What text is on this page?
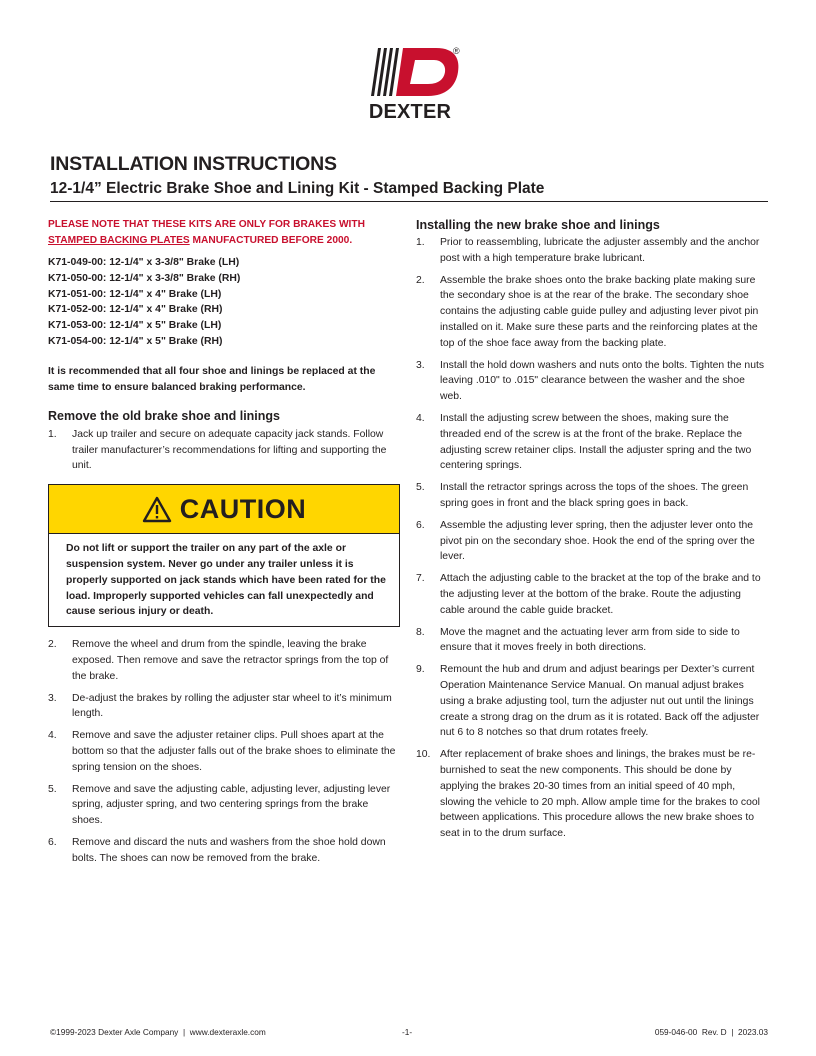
®
DEXTER
INSTALLATION INSTRUCTIONS
12-1/4” Electric Brake Shoe and Lining Kit - Stamped Backing Plate
PLEASE NOTE THAT THESE KITS ARE ONLY FOR BRAKES WITH
STAMPED BACKING PLATES MANUFACTURED BEFORE 2000.
K71-049-00: 12-1/4" x 3-3/8" Brake (LH)
K71-050-00: 12-1/4" x 3-3/8" Brake (RH)
K71-051-00: 12-1/4" x 4" Brake (LH)
K71-052-00: 12-1/4" x 4" Brake (RH)
K71-053-00: 12-1/4" x 5" Brake (LH)
K71-054-00: 12-1/4" x 5" Brake (RH)
It is recommended that all four shoe and linings be replaced at the same time to ensure balanced braking performance.
Remove the old brake shoe and linings
1. Jack up trailer and secure on adequate capacity jack stands. Follow trailer manufacturer’s recommendations for lifting and supporting the unit.
CAUTION
Do not lift or support the trailer on any part of the axle or suspension system. Never go under any trailer unless it is properly supported on jack stands which have been rated for the load. Improperly supported vehicles can fall unexpectedly and cause serious injury or death.
2. Remove the wheel and drum from the spindle, leaving the brake exposed. Then remove and save the retractor springs from the top of the brake.
3. De-adjust the brakes by rolling the adjuster star wheel to it’s minimum length.
4. Remove and save the adjuster retainer clips. Pull shoes apart at the bottom so that the adjuster falls out of the brake shoes to eliminate the spring tension on the shoes.
5. Remove and save the adjusting cable, adjusting lever, adjusting lever spring, adjuster spring, and two centering springs from the brake shoes.
6. Remove and discard the nuts and washers from the shoe hold down bolts. The shoes can now be removed from the brake.
Installing the new brake shoe and linings
1. Prior to reassembling, lubricate the adjuster assembly and the anchor post with a high temperature brake lubricant.
2. Assemble the brake shoes onto the brake backing plate making sure the secondary shoe is at the rear of the brake. The secondary shoe contains the adjusting cable guide pulley and adjusting lever pivot pin installed on it. Make sure these parts and the reinforcing plates at the top of the shoe face away from the backing plate.
3. Install the hold down washers and nuts onto the bolts. Tighten the nuts leaving .010" to .015" clearance between the washer and the shoe web.
4. Install the adjusting screw between the shoes, making sure the threaded end of the screw is at the front of the brake. Replace the adjusting screw retainer clips. Install the adjuster spring and the two centering springs.
5. Install the retractor springs across the tops of the shoes. The green spring goes in front and the black spring goes in back.
6. Assemble the adjusting lever spring, then the adjuster lever onto the pivot pin on the secondary shoe. Hook the end of the spring over the lever.
7. Attach the adjusting cable to the bracket at the top of the brake and to the adjusting lever at the bottom of the brake. Route the adjusting cable around the cable guide bracket.
8. Move the magnet and the actuating lever arm from side to side to ensure that it moves freely in both directions.
9. Remount the hub and drum and adjust bearings per Dexter’s current Operation Maintenance Service Manual. On manual adjust brakes using a brake adjusting tool, turn the adjuster nut out until the linings create a strong drag on the drum as it is rotated. Back off the adjuster nut 6 to 8 notches so that drum rotates freely.
10. After replacement of brake shoes and linings, the brakes must be re-burnished to seat the new components. This should be done by applying the brakes 20-30 times from an initial speed of 40 mph, slowing the vehicle to 20 mph. Allow ample time for the brakes to cool between applications. This procedure allows the new brake shoes to seat in to the drum surface.
©1999-2023 Dexter Axle Company  |  www.dexteraxle.com	-1-	059-046-00  Rev. D  |  2023.03
